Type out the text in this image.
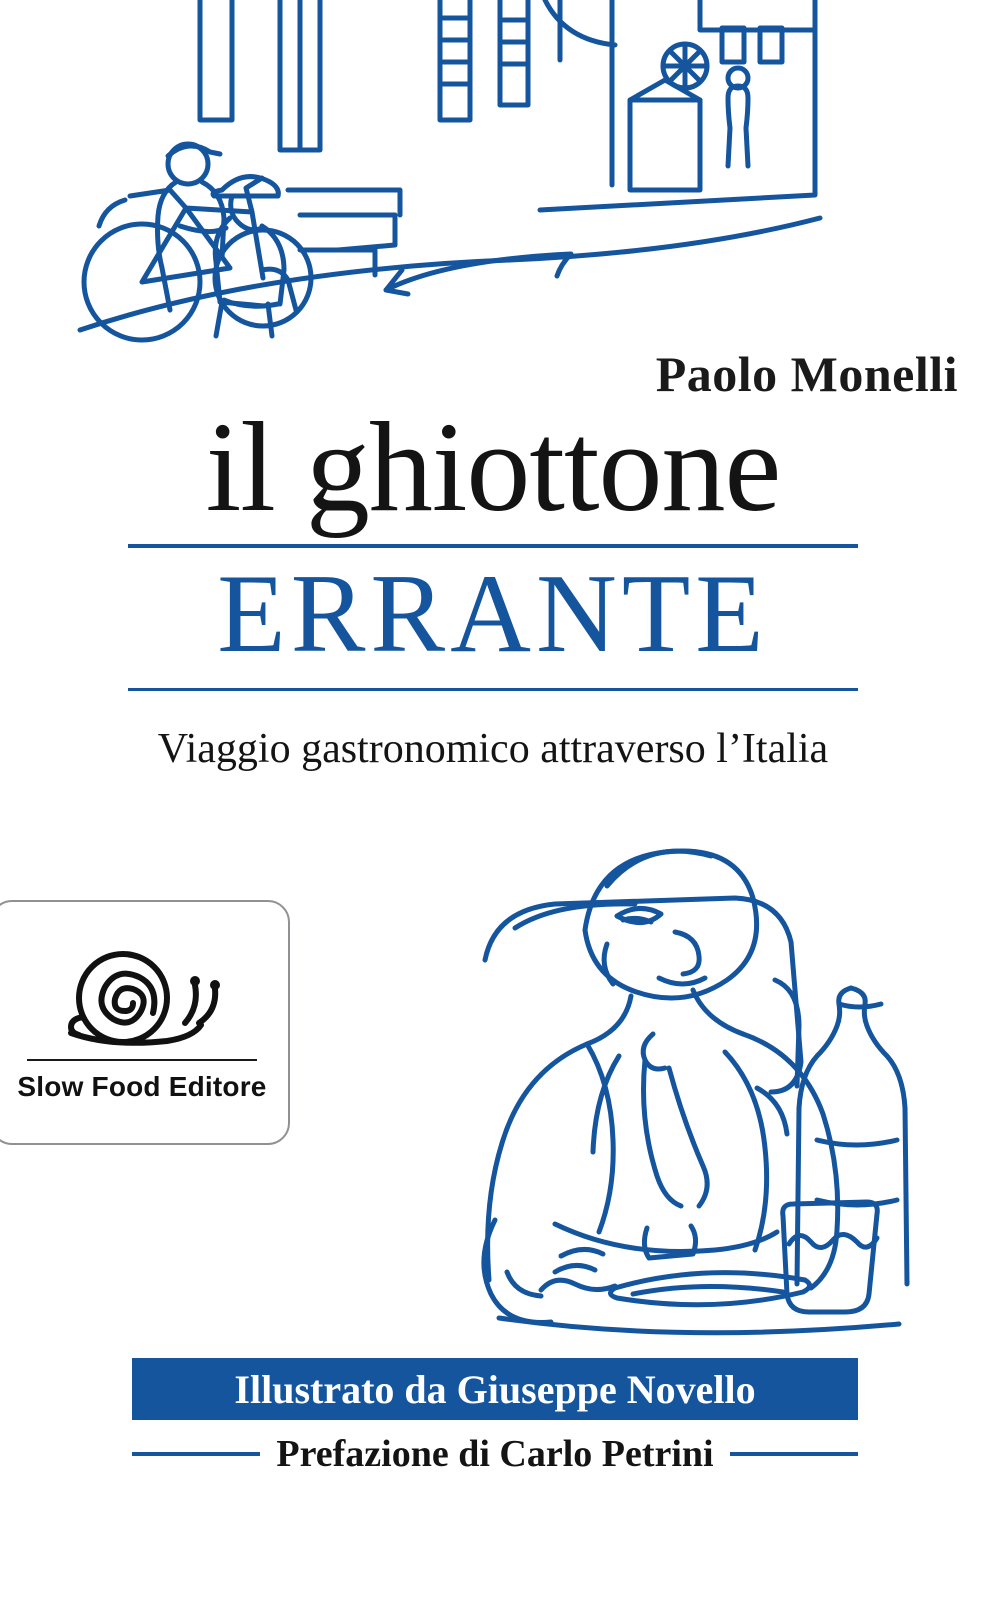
Paolo Monelli
il ghiottone
ERRANTE
Viaggio gastronomico attraverso l’Italia
Slow Food Editore
Illustrato da Giuseppe Novello
Prefazione di Carlo Petrini
